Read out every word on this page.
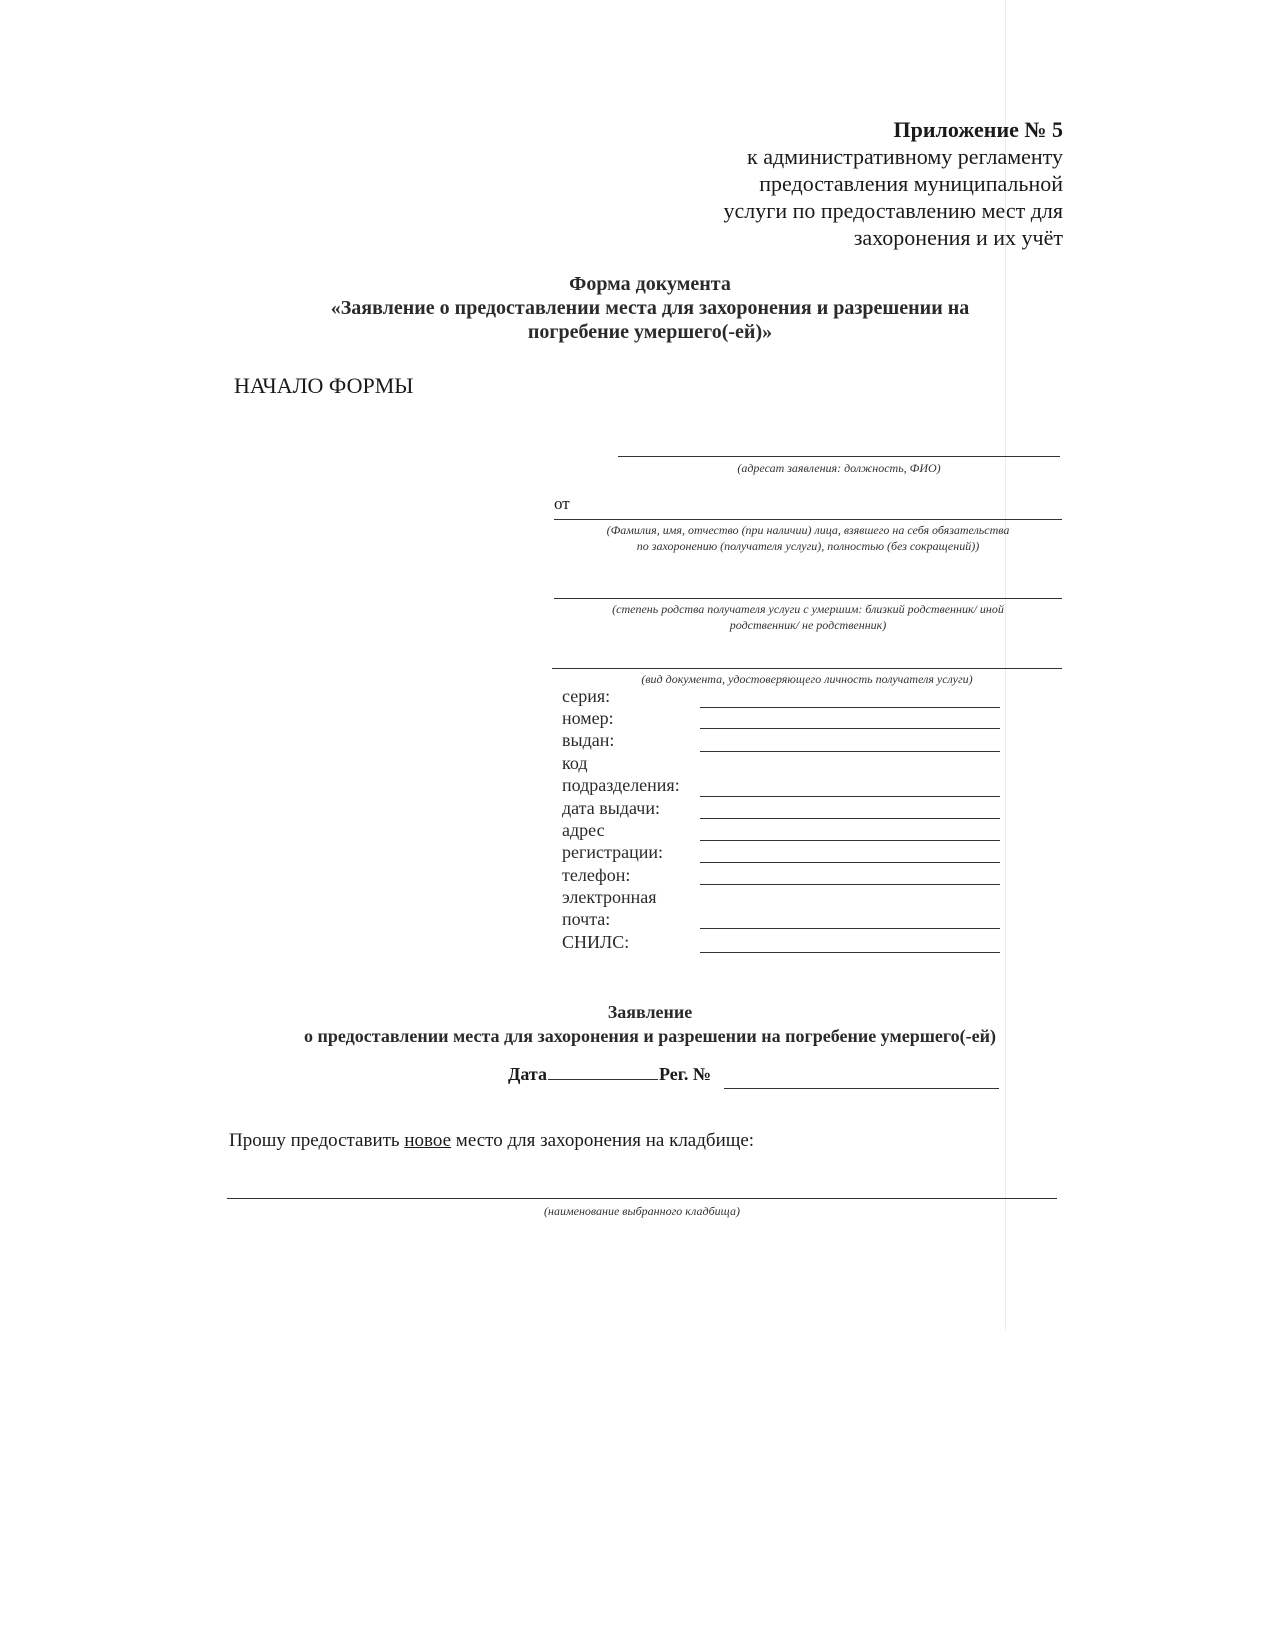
Приложение № 5
к административному регламенту
предоставления муниципальной
услуги по предоставлению мест для
захоронения и их учёт
Форма документа
«Заявление о предоставлении места для захоронения и разрешении на
погребение умершего(-ей)»
НАЧАЛО ФОРМЫ
(адресат заявления: должность, ФИО)
от
(Фамилия, имя, отчество (при наличии) лица, взявшего на себя обязательства
по захоронению (получателя услуги), полностью (без сокращений))
(степень родства получателя услуги с умершим: близкий родственник/ иной
родственник/ не родственник)
(вид документа, удостоверяющего личность получателя услуги)
серия:
номер:
выдан:
код
подразделения:
дата выдачи:
адрес
регистрации:
телефон:
электронная
почта:
СНИЛС:
Заявление
о предоставлении места для захоронения и разрешении на погребение умершего(-ей)
Дата	Рег. №
Прошу предоставить новое место для захоронения на кладбище:
(наименование выбранного кладбища)
